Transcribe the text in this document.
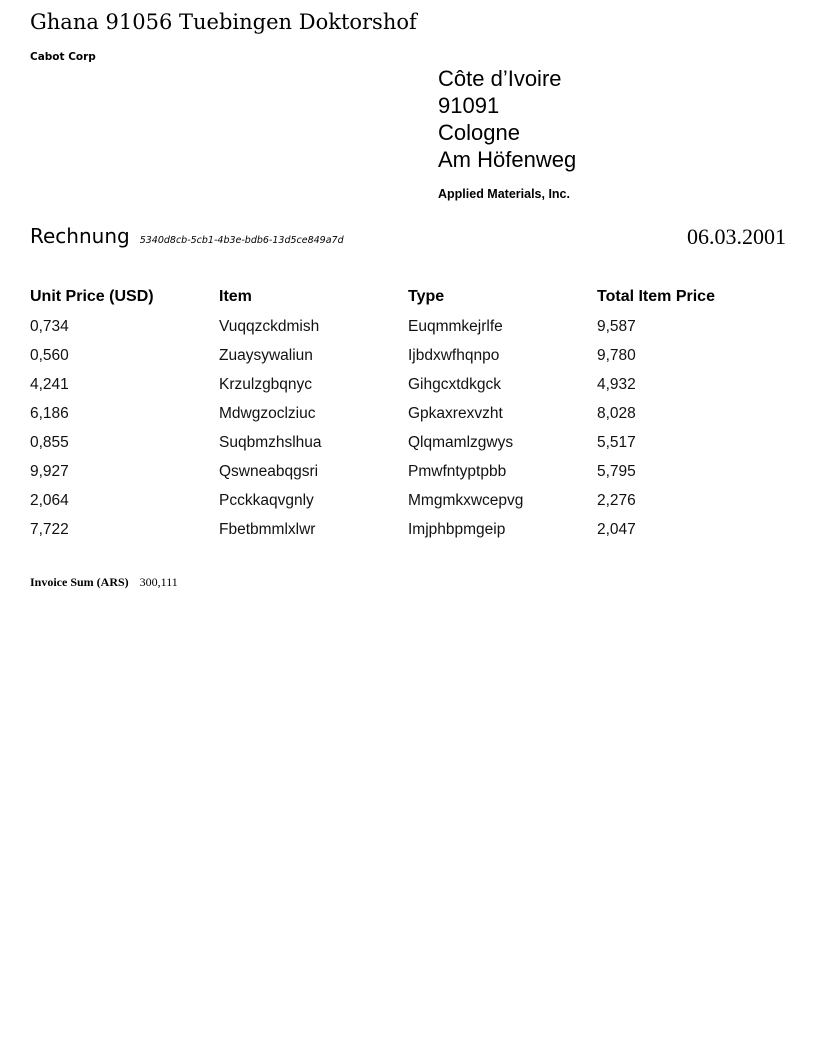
Ghana 91056 Tuebingen Doktorshof
Cabot Corp
Côte d’Ivoire
91091
Cologne
Am Höfenweg
Applied Materials, Inc.
Rechnung 5340d8cb-5cb1-4b3e-bdb6-13d5ce849a7d	06.03.2001
Unit Price (USD)	Item	Type	Total Item Price
0,734	Vuqqzckdmish	Euqmmkejrlfe	9,587
0,560	Zuaysywaliun	Ijbdxwfhqnpo	9,780
4,241	Krzulzgbqnyc	Gihgcxtdkgck	4,932
6,186	Mdwgzoclziuc	Gpkaxrexvzht	8,028
0,855	Suqbmzhslhua	Qlqmamlzgwys	5,517
9,927	Qswneabqgsri	Pmwfntyptpbb	5,795
2,064	Pcckkaqvgnly	Mmgmkxwcepvg	2,276
7,722	Fbetbmmlxlwr	Imjphbpmgeip	2,047
Invoice Sum (ARS) 300,111
